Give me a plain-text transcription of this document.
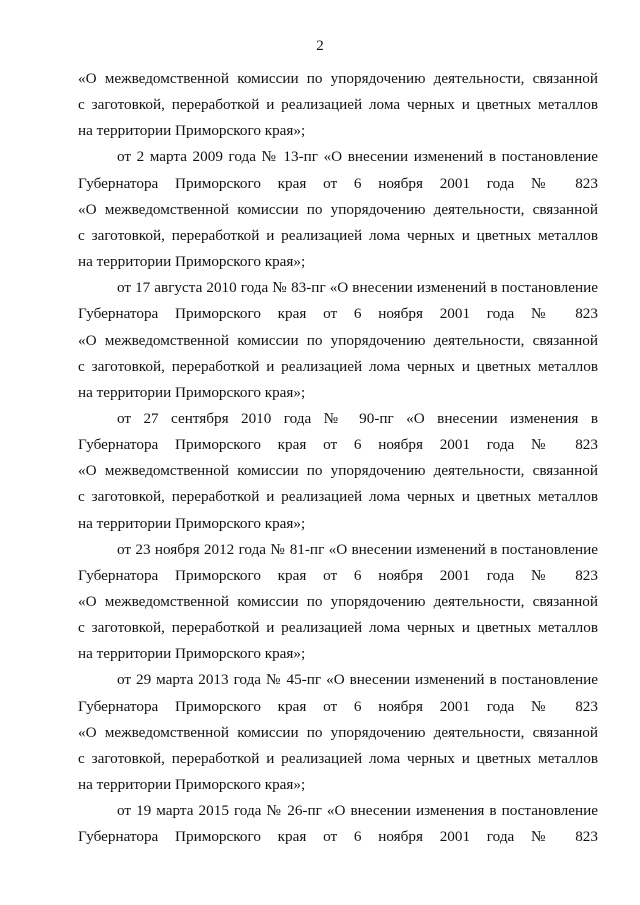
2
«О межведомственной комиссии по упорядочению деятельности, связанной
с заготовкой, переработкой и реализацией лома черных и цветных металлов
на территории Приморского края»;
от 2 марта 2009 года № 13-пг «О внесении изменений в постановление
Губернатора Приморского края от 6 ноября 2001 года № 823
«О межведомственной комиссии по упорядочению деятельности, связанной
с заготовкой, переработкой и реализацией лома черных и цветных металлов
на территории Приморского края»;
от 17 августа 2010 года № 83-пг «О внесении изменений в постановление
Губернатора Приморского края от 6 ноября 2001 года № 823
«О межведомственной комиссии по упорядочению деятельности, связанной
с заготовкой, переработкой и реализацией лома черных и цветных металлов
на территории Приморского края»;
от 27 сентября 2010 года № 90-пг «О внесении изменения в
Губернатора Приморского края от 6 ноября 2001 года № 823
«О межведомственной комиссии по упорядочению деятельности, связанной
с заготовкой, переработкой и реализацией лома черных и цветных металлов
на территории Приморского края»;
от 23 ноября 2012 года № 81-пг «О внесении изменений в постановление
Губернатора Приморского края от 6 ноября 2001 года № 823
«О межведомственной комиссии по упорядочению деятельности, связанной
с заготовкой, переработкой и реализацией лома черных и цветных металлов
на территории Приморского края»;
от 29 марта 2013 года № 45-пг «О внесении изменений в постановление
Губернатора Приморского края от 6 ноября 2001 года № 823
«О межведомственной комиссии по упорядочению деятельности, связанной
с заготовкой, переработкой и реализацией лома черных и цветных металлов
на территории Приморского края»;
от 19 марта 2015 года № 26-пг «О внесении изменения в постановление
Губернатора Приморского края от 6 ноября 2001 года № 823
